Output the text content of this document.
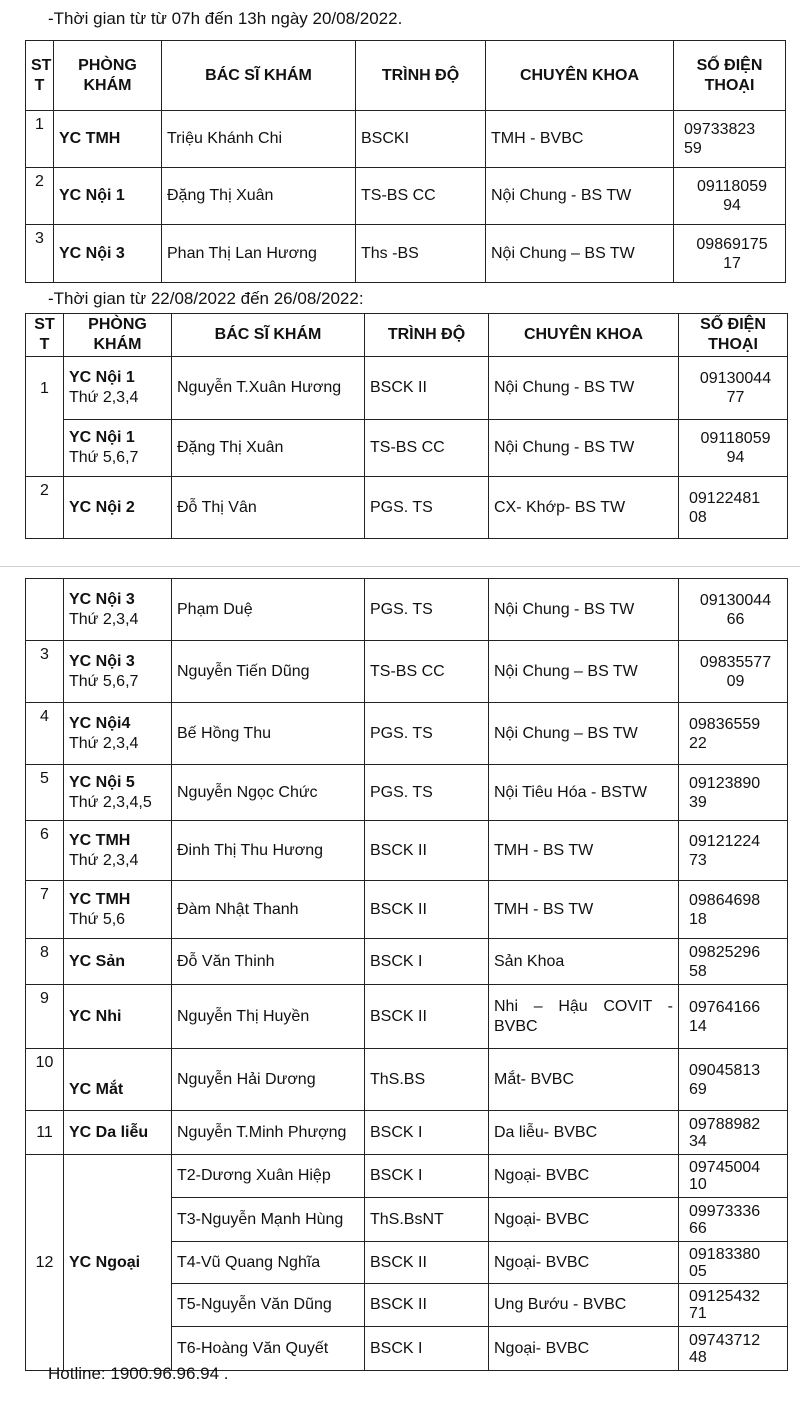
-Thời gian từ từ 07h đến 13h ngày 20/08/2022.
ST
T	PHÒNG
KHÁM	BÁC SĨ KHÁM	TRÌNH ĐỘ	CHUYÊN KHOA	SỐ ĐIỆN
THOẠI
1	YC TMH	Triệu Khánh Chi	BSCKI	TMH - BVBC	09733823
59
2	YC Nội 1	Đặng Thị Xuân	TS-BS CC	Nội Chung - BS TW	09118059
94
3	YC Nội 3	Phan Thị Lan Hương	Ths -BS	Nội Chung – BS TW	09869175
17
-Thời gian từ 22/08/2022 đến 26/08/2022:
ST
T	PHÒNG
KHÁM	BÁC SĨ KHÁM	TRÌNH ĐỘ	CHUYÊN KHOA	SỐ ĐIỆN
THOẠI
1	YC Nội 1
Thứ 2,3,4	Nguyễn T.Xuân Hương	BSCK II	Nội Chung - BS TW	09130044
77
	YC Nội 1
Thứ 5,6,7	Đặng Thị Xuân	TS-BS CC	Nội Chung - BS TW	09118059
94
2	YC Nội 2	Đỗ Thị Vân	PGS. TS	CX- Khớp- BS TW	09122481
08
	YC Nội 3
Thứ 2,3,4	Phạm Duệ	PGS. TS	Nội Chung - BS TW	09130044
66
3	YC Nội 3
Thứ 5,6,7	Nguyễn Tiến Dũng	TS-BS CC	Nội Chung – BS TW	09835577
09
4	YC Nội4
Thứ 2,3,4	Bế Hồng Thu	PGS. TS	Nội Chung – BS TW	09836559
22
5	YC Nội 5
Thứ 2,3,4,5	Nguyễn Ngọc Chức	PGS. TS	Nội Tiêu Hóa - BSTW	09123890
39
6	YC TMH
Thứ 2,3,4	Đinh Thị Thu Hương	BSCK II	TMH - BS TW	09121224
73
7	YC TMH
Thứ 5,6	Đàm Nhật Thanh	BSCK II	TMH - BS TW	09864698
18
8	YC Sản	Đỗ Văn Thinh	BSCK I	Sản Khoa	09825296
58
9	YC Nhi	Nguyễn Thị Huyền	BSCK II	Nhi – Hậu COVIT - BVBC	09764166
14
10	YC Mắt	Nguyễn Hải Dương	ThS.BS	Mắt- BVBC	09045813
69
11	YC Da liễu	Nguyễn T.Minh Phượng	BSCK I	Da liễu- BVBC	09788982
34
12	YC Ngoại	T2-Dương Xuân Hiệp	BSCK I	Ngoại- BVBC	09745004
10
		T3-Nguyễn Mạnh Hùng	ThS.BsNT	Ngoại- BVBC	09973336
66
		T4-Vũ Quang Nghĩa	BSCK II	Ngoại- BVBC	09183380
05
		T5-Nguyễn Văn Dũng	BSCK II	Ung Bướu - BVBC	09125432
71
		T6-Hoàng Văn Quyết	BSCK I	Ngoại- BVBC	09743712
48
Hotline: 1900.96.96.94 .
